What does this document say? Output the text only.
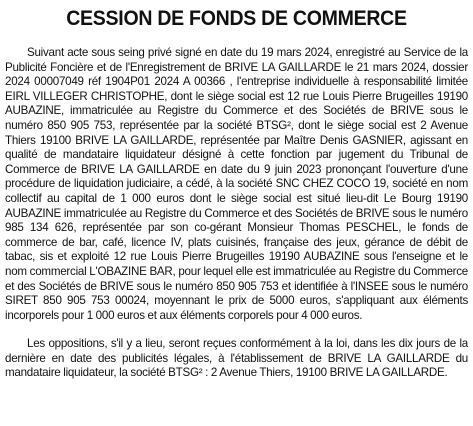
CESSION DE FONDS DE COMMERCE

Suivant acte sous seing privé signé en date du 19 mars 2024, enregistré au Service de la Publicité Foncière et de l'Enregistrement de BRIVE LA GAILLARDE le 21 mars 2024, dossier 2024 00007049 réf 1904P01 2024 A 00366 , l'entreprise individuelle à responsabilité limitée EIRL VILLEGER CHRISTOPHE, dont le siège social est 12 rue Louis Pierre Brugeilles 19190 AUBAZINE, immatriculée au Registre du Commerce et des Sociétés de BRIVE sous le numéro 850 905 753, représentée par la société BTSG², dont le siège social est 2 Avenue Thiers 19100 BRIVE LA GAILLARDE, représentée par Maître Denis GASNIER, agissant en qualité de mandataire liquidateur désigné à cette fonction par jugement du Tribunal de Commerce de BRIVE LA GAILLARDE en date du 9 juin 2023 prononçant l'ouverture d'une procédure de liquidation judiciaire, a cédé, à la société SNC CHEZ COCO 19, société en nom collectif au capital de 1 000 euros dont le siège social est situé lieu-dit Le Bourg 19190 AUBAZINE immatriculée au Registre du Commerce et des Sociétés de BRIVE sous le numéro 985 134 626, représentée par son co-gérant Monsieur Thomas PESCHEL, le fonds de commerce de bar, café, licence IV, plats cuisinés, française des jeux, gérance de débit de tabac, sis et exploité 12 rue Louis Pierre Brugeilles 19190 AUBAZINE sous l'enseigne et le nom commercial L'OBAZINE BAR, pour lequel elle est immatriculée au Registre du Commerce et des Sociétés de BRIVE sous le numéro 850 905 753 et identifiée à l'INSEE sous le numéro SIRET 850 905 753 00024, moyennant le prix de 5000 euros, s'appliquant aux éléments incorporels pour 1 000 euros et aux éléments corporels pour 4 000 euros.

Les oppositions, s'il y a lieu, seront reçues conformément à la loi, dans les dix jours de la dernière en date des publicités légales, à l'établissement de BRIVE LA GAILLARDE du mandataire liquidateur, la société BTSG² : 2 Avenue Thiers, 19100 BRIVE LA GAILLARDE.
